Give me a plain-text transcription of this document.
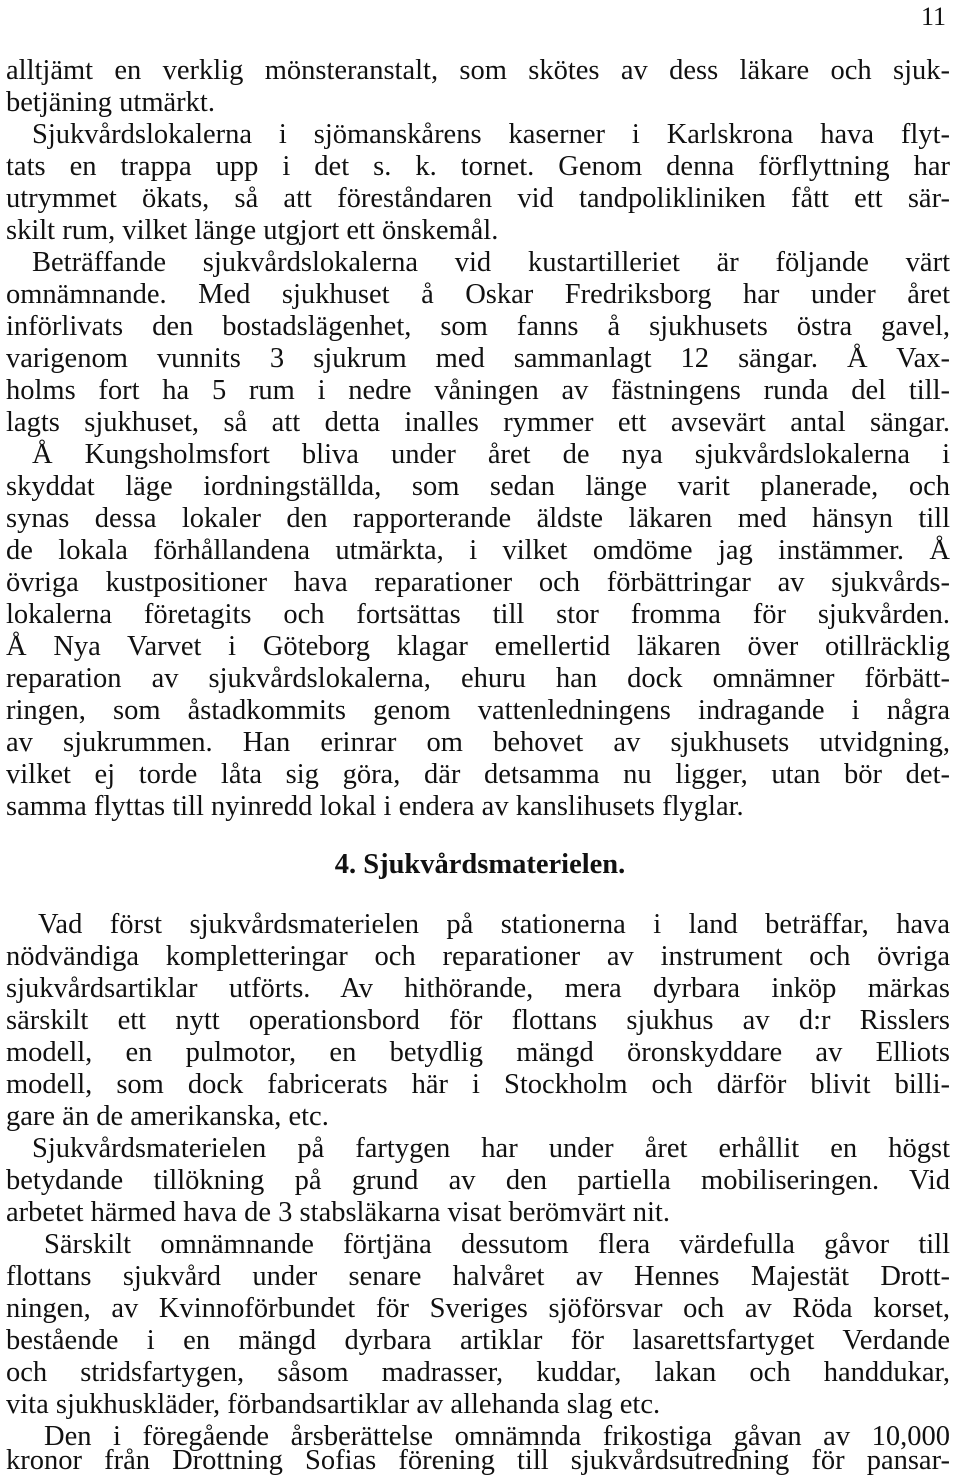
11
alltjämt en verklig mönsteranstalt, som skötes av dess läkare och sjuk-
betjäning utmärkt.
Sjukvårdslokalerna i sjömanskårens kaserner i Karlskrona hava flyt-
tats en trappa upp i det s. k. tornet. Genom denna förflyttning har
utrymmet ökats, så att föreståndaren vid tandpolikliniken fått ett sär-
skilt rum, vilket länge utgjort ett önskemål.
Beträffande sjukvårdslokalerna vid kustartilleriet är följande värt
omnämnande. Med sjukhuset å Oskar Fredriksborg har under året
införlivats den bostadslägenhet, som fanns å sjukhusets östra gavel,
varigenom vunnits 3 sjukrum med sammanlagt 12 sängar. Å Vax-
holms fort ha 5 rum i nedre våningen av fästningens runda del till-
lagts sjukhuset, så att detta inalles rymmer ett avsevärt antal sängar.
Å Kungsholmsfort bliva under året de nya sjukvårdslokalerna i
skyddat läge iordningställda, som sedan länge varit planerade, och
synas dessa lokaler den rapporterande äldste läkaren med hänsyn till
de lokala förhållandena utmärkta, i vilket omdöme jag instämmer. Å
övriga kustpositioner hava reparationer och förbättringar av sjukvårds-
lokalerna företagits och fortsättas till stor fromma för sjukvården.
Å Nya Varvet i Göteborg klagar emellertid läkaren över otillräcklig
reparation av sjukvårdslokalerna, ehuru han dock omnämner förbätt-
ringen, som åstadkommits genom vattenledningens indragande i några
av sjukrummen. Han erinrar om behovet av sjukhusets utvidgning,
vilket ej torde låta sig göra, där detsamma nu ligger, utan bör det-
samma flyttas till nyinredd lokal i endera av kanslihusets flyglar.
4. Sjukvårdsmaterielen.
Vad först sjukvårdsmaterielen på stationerna i land beträffar, hava
nödvändiga kompletteringar och reparationer av instrument och övriga
sjukvårdsartiklar utförts. Av hithörande, mera dyrbara inköp märkas
särskilt ett nytt operationsbord för flottans sjukhus av d:r Risslers
modell, en pulmotor, en betydlig mängd öronskyddare av Elliots
modell, som dock fabricerats här i Stockholm och därför blivit billi-
gare än de amerikanska, etc.
Sjukvårdsmaterielen på fartygen har under året erhållit en högst
betydande tillökning på grund av den partiella mobiliseringen. Vid
arbetet härmed hava de 3 stabsläkarna visat berömvärt nit.
Särskilt omnämnande förtjäna dessutom flera värdefulla gåvor till
flottans sjukvård under senare halvåret av Hennes Majestät Drott-
ningen, av Kvinnoförbundet för Sveriges sjöförsvar och av Röda korset,
bestående i en mängd dyrbara artiklar för lasarettsfartyget Verdande
och stridsfartygen, såsom madrasser, kuddar, lakan och handdukar,
vita sjukhuskläder, förbandsartiklar av allehanda slag etc.
Den i föregående årsberättelse omnämnda frikostiga gåvan av 10,000
kronor från Drottning Sofias förening till sjukvårdsutredning för pansar-
